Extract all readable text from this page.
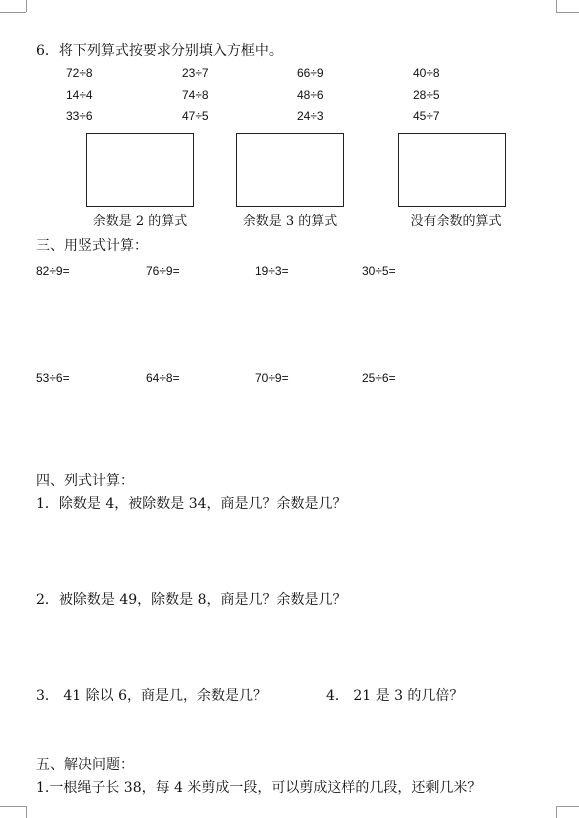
6．将下列算式按要求分别填入方框中。
72÷8	23÷7	66÷9	40÷8
14÷4	74÷8	48÷6	28÷5
33÷6	47÷5	24÷3	45÷7
余数是 2 的算式	余数是 3 的算式	没有余数的算式
三、用竖式计算：
82÷9=	76÷9=	19÷3=	30÷5=
53÷6=	64÷8=	70÷9=	25÷6=
四、列式计算：
1．除数是 4，被除数是 34，商是几？余数是几？
2．被除数是 49，除数是 8，商是几？余数是几？
3． 41 除以 6，商是几，余数是几？	4． 21 是 3 的几倍？
五、解决问题：
1.一根绳子长 38，每 4 米剪成一段，可以剪成这样的几段，还剩几米？
